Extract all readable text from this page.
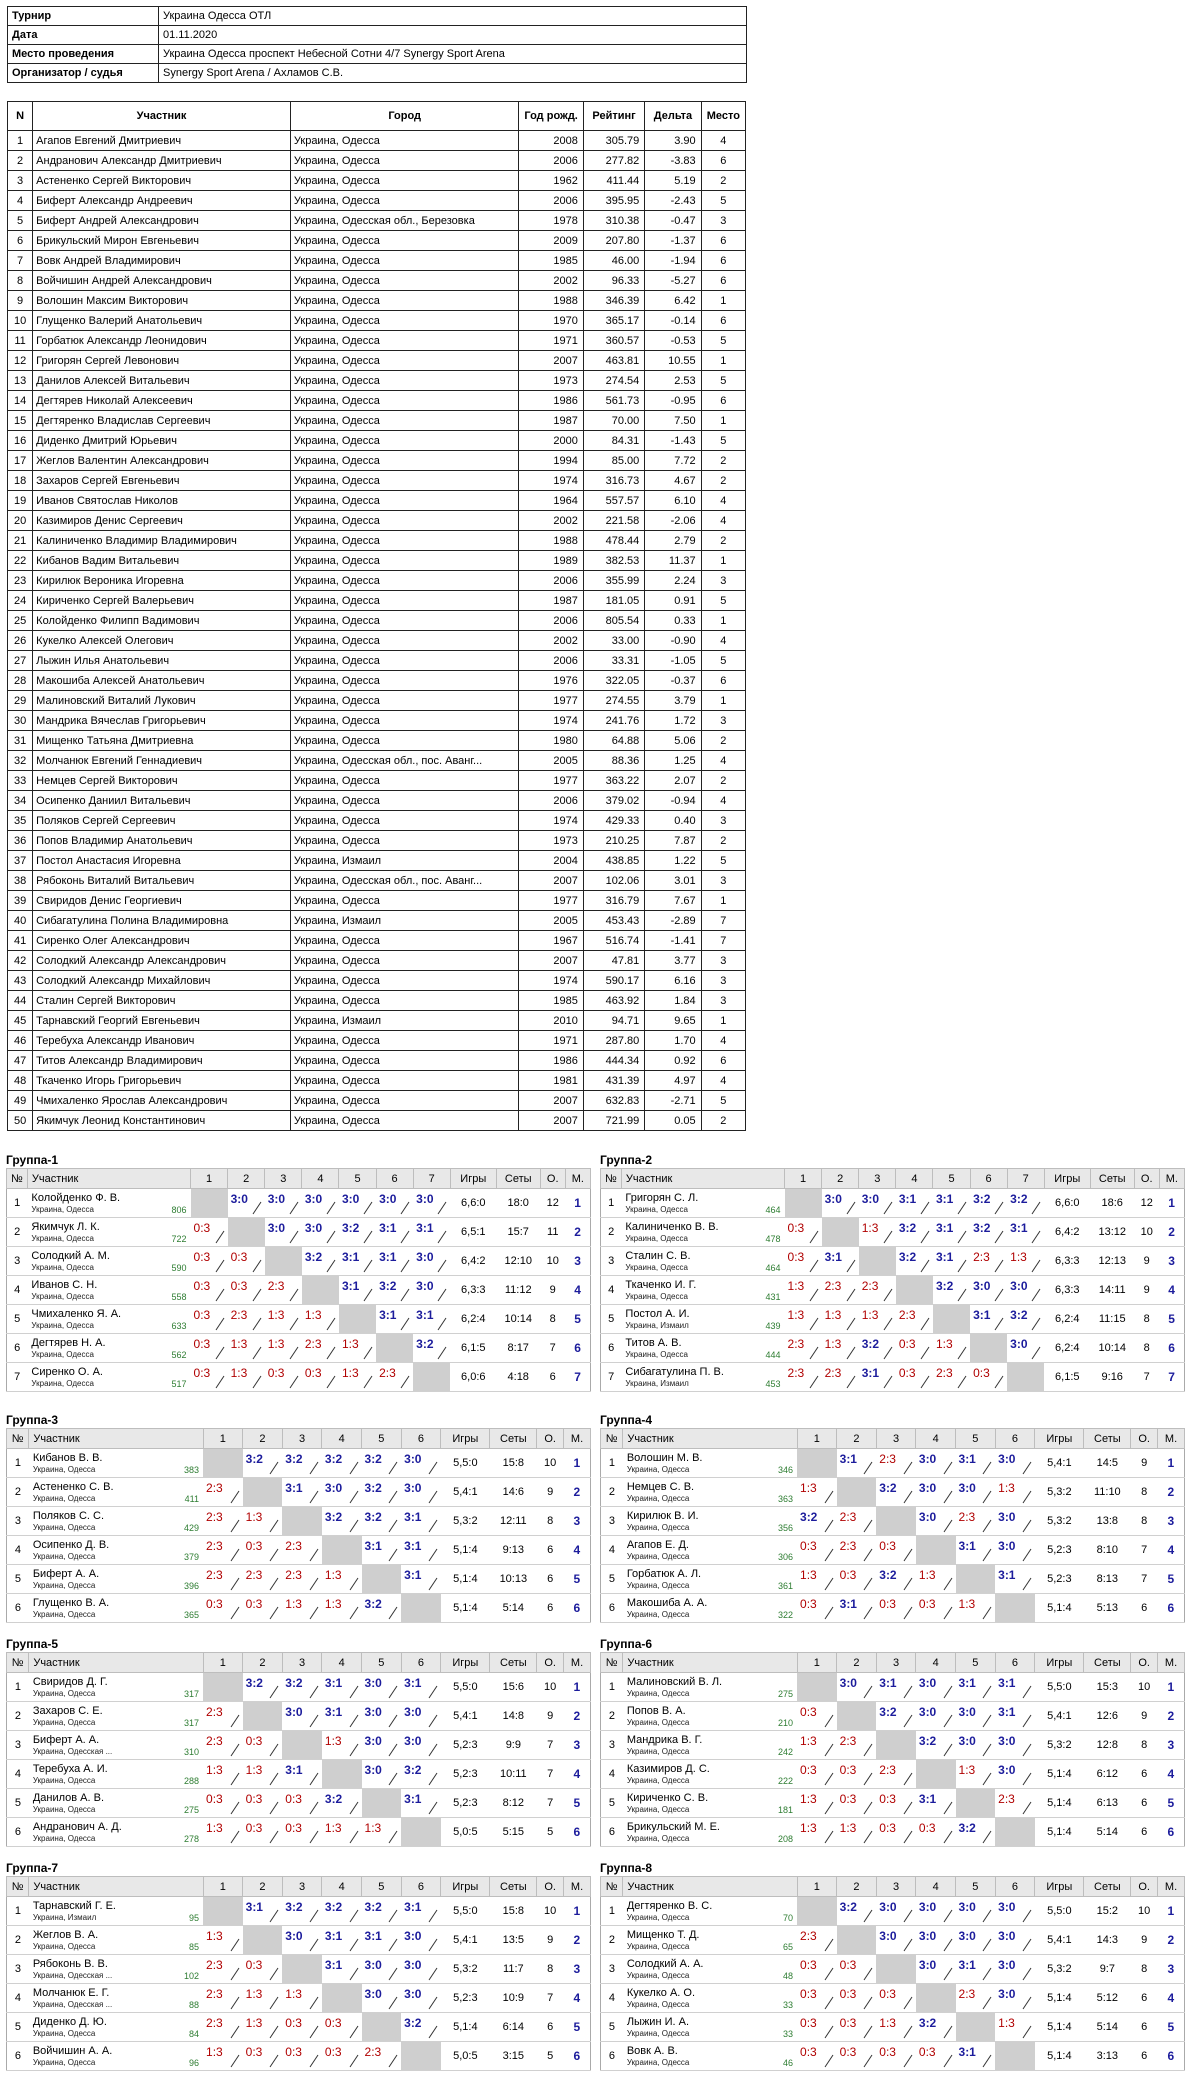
Турнир	Украина Одесса ОТЛ
Дата	01.11.2020
Место проведения	Украина Одесса проспект Небесной Сотни 4/7 Synergy Sport Arena
Организатор / судья	Synergy Sport Arena / Ахламов С.В.
N	Участник	Город	Год рожд.	Рейтинг	Дельта	Место
1	Агапов Евгений Дмитриевич	Украина, Одесса	2008	305.79	3.90	4
2	Андранович Александр Дмитриевич	Украина, Одесса	2006	277.82	-3.83	6
3	Астененко Сергей Викторович	Украина, Одесса	1962	411.44	5.19	2
4	Биферт Александр Андреевич	Украина, Одесса	2006	395.95	-2.43	5
5	Биферт Андрей Александрович	Украина, Одесская обл., Березовка	1978	310.38	-0.47	3
6	Брикульский Мирон Евгеньевич	Украина, Одесса	2009	207.80	-1.37	6
7	Вовк Андрей Владимирович	Украина, Одесса	1985	46.00	-1.94	6
8	Войчишин Андрей Александрович	Украина, Одесса	2002	96.33	-5.27	6
9	Волошин Максим Викторович	Украина, Одесса	1988	346.39	6.42	1
10	Глущенко Валерий Анатольевич	Украина, Одесса	1970	365.17	-0.14	6
11	Горбатюк Александр Леонидович	Украина, Одесса	1971	360.57	-0.53	5
12	Григорян Сергей Левонович	Украина, Одесса	2007	463.81	10.55	1
13	Данилов Алексей Витальевич	Украина, Одесса	1973	274.54	2.53	5
14	Дегтярев Николай Алексеевич	Украина, Одесса	1986	561.73	-0.95	6
15	Дегтяренко Владислав Сергеевич	Украина, Одесса	1987	70.00	7.50	1
16	Диденко Дмитрий Юрьевич	Украина, Одесса	2000	84.31	-1.43	5
17	Жеглов Валентин Александрович	Украина, Одесса	1994	85.00	7.72	2
18	Захаров Сергей Евгеньевич	Украина, Одесса	1974	316.73	4.67	2
19	Иванов Святослав Николов	Украина, Одесса	1964	557.57	6.10	4
20	Казимиров Денис Сергеевич	Украина, Одесса	2002	221.58	-2.06	4
21	Калиниченко Владимир Владимирович	Украина, Одесса	1988	478.44	2.79	2
22	Кибанов Вадим Витальевич	Украина, Одесса	1989	382.53	11.37	1
23	Кирилюк Вероника Игоревна	Украина, Одесса	2006	355.99	2.24	3
24	Кириченко Сергей Валерьевич	Украина, Одесса	1987	181.05	0.91	5
25	Колойденко Филипп Вадимович	Украина, Одесса	2006	805.54	0.33	1
26	Кукелко Алексей Олегович	Украина, Одесса	2002	33.00	-0.90	4
27	Лыжин Илья Анатольевич	Украина, Одесса	2006	33.31	-1.05	5
28	Макошиба Алексей Анатольевич	Украина, Одесса	1976	322.05	-0.37	6
29	Малиновский Виталий Лукович	Украина, Одесса	1977	274.55	3.79	1
30	Мандрика Вячеслав Григорьевич	Украина, Одесса	1974	241.76	1.72	3
31	Мищенко Татьяна Дмитриевна	Украина, Одесса	1980	64.88	5.06	2
32	Молчанюк Евгений Геннадиевич	Украина, Одесская обл., пос. Аванг...	2005	88.36	1.25	4
33	Немцев Сергей Викторович	Украина, Одесса	1977	363.22	2.07	2
34	Осипенко Даниил Витальевич	Украина, Одесса	2006	379.02	-0.94	4
35	Поляков Сергей Сергеевич	Украина, Одесса	1974	429.33	0.40	3
36	Попов Владимир Анатольевич	Украина, Одесса	1973	210.25	7.87	2
37	Постол Анастасия Игоревна	Украина, Измаил	2004	438.85	1.22	5
38	Рябоконь Виталий Витальевич	Украина, Одесская обл., пос. Аванг...	2007	102.06	3.01	3
39	Свиридов Денис Георгиевич	Украина, Одесса	1977	316.79	7.67	1
40	Сибагатулина Полина Владимировна	Украина, Измаил	2005	453.43	-2.89	7
41	Сиренко Олег Александрович	Украина, Одесса	1967	516.74	-1.41	7
42	Солодкий Александр Александрович	Украина, Одесса	2007	47.81	3.77	3
43	Солодкий Александр Михайлович	Украина, Одесса	1974	590.17	6.16	3
44	Сталин Сергей Викторович	Украина, Одесса	1985	463.92	1.84	3
45	Тарнавский Георгий Евгеньевич	Украина, Измаил	2010	94.71	9.65	1
46	Теребуха Александр Иванович	Украина, Одесса	1971	287.80	1.70	4
47	Титов Александр Владимирович	Украина, Одесса	1986	444.34	0.92	6
48	Ткаченко Игорь Григорьевич	Украина, Одесса	1981	431.39	4.97	4
49	Чмихаленко Ярослав Александрович	Украина, Одесса	2007	632.83	-2.71	5
50	Якимчук Леонид Константинович	Украина, Одесса	2007	721.99	0.05	2
Группа-1
№	Участник	1	2	3	4	5	6	7	Игры	Сеты	О.	М.
1	Колойденко Ф. В.
Украина, Одесса 806		3:0	3:0	3:0	3:0	3:0	3:0	6,6:0	18:0	12	1
2	Якимчук Л. К.
Украина, Одесса 722	0:3		3:0	3:0	3:2	3:1	3:1	6,5:1	15:7	11	2
3	Солодкий А. М.
Украина, Одесса 590	0:3	0:3		3:2	3:1	3:1	3:0	6,4:2	12:10	10	3
4	Иванов С. Н.
Украина, Одесса 558	0:3	0:3	2:3		3:1	3:2	3:0	6,3:3	11:12	9	4
5	Чмихаленко Я. А.
Украина, Одесса 633	0:3	2:3	1:3	1:3		3:1	3:1	6,2:4	10:14	8	5
6	Дегтярев Н. А.
Украина, Одесса 562	0:3	1:3	1:3	2:3	1:3		3:2	6,1:5	8:17	7	6
7	Сиренко О. А.
Украина, Одесса 517	0:3	1:3	0:3	0:3	1:3	2:3		6,0:6	4:18	6	7
Группа-2
№	Участник	1	2	3	4	5	6	7	Игры	Сеты	О.	М.
1	Григорян С. Л.
Украина, Одесса 464		3:0	3:0	3:1	3:1	3:2	3:2	6,6:0	18:6	12	1
2	Калиниченко В. В.
Украина, Одесса 478	0:3		1:3	3:2	3:1	3:2	3:1	6,4:2	13:12	10	2
3	Сталин С. В.
Украина, Одесса 464	0:3	3:1		3:2	3:1	2:3	1:3	6,3:3	12:13	9	3
4	Ткаченко И. Г.
Украина, Одесса 431	1:3	2:3	2:3		3:2	3:0	3:0	6,3:3	14:11	9	4
5	Постол А. И.
Украина, Измаил 439	1:3	1:3	1:3	2:3		3:1	3:2	6,2:4	11:15	8	5
6	Титов А. В.
Украина, Одесса 444	2:3	1:3	3:2	0:3	1:3		3:0	6,2:4	10:14	8	6
7	Сибагатулина П. В.
Украина, Измаил 453	2:3	2:3	3:1	0:3	2:3	0:3		6,1:5	9:16	7	7
Группа-3
№	Участник	1	2	3	4	5	6	Игры	Сеты	О.	М.
1	Кибанов В. В.
Украина, Одесса 383		3:2	3:2	3:2	3:2	3:0	5,5:0	15:8	10	1
2	Астененко С. В.
Украина, Одесса 411	2:3		3:1	3:0	3:2	3:0	5,4:1	14:6	9	2
3	Поляков С. С.
Украина, Одесса 429	2:3	1:3		3:2	3:2	3:1	5,3:2	12:11	8	3
4	Осипенко Д. В.
Украина, Одесса 379	2:3	0:3	2:3		3:1	3:1	5,1:4	9:13	6	4
5	Биферт А. А.
Украина, Одесса 396	2:3	2:3	2:3	1:3		3:1	5,1:4	10:13	6	5
6	Глущенко В. А.
Украина, Одесса 365	0:3	0:3	1:3	1:3	3:2		5,1:4	5:14	6	6
Группа-4
№	Участник	1	2	3	4	5	6	Игры	Сеты	О.	М.
1	Волошин М. В.
Украина, Одесса 346		3:1	2:3	3:0	3:1	3:0	5,4:1	14:5	9	1
2	Немцев С. В.
Украина, Одесса 363	1:3		3:2	3:0	3:0	1:3	5,3:2	11:10	8	2
3	Кирилюк В. И.
Украина, Одесса 356	3:2	2:3		3:0	2:3	3:0	5,3:2	13:8	8	3
4	Агапов Е. Д.
Украина, Одесса 306	0:3	2:3	0:3		3:1	3:0	5,2:3	8:10	7	4
5	Горбатюк А. Л.
Украина, Одесса 361	1:3	0:3	3:2	1:3		3:1	5,2:3	8:13	7	5
6	Макошиба А. А.
Украина, Одесса 322	0:3	3:1	0:3	0:3	1:3		5,1:4	5:13	6	6
Группа-5
№	Участник	1	2	3	4	5	6	Игры	Сеты	О.	М.
1	Свиридов Д. Г.
Украина, Одесса 317		3:2	3:2	3:1	3:0	3:1	5,5:0	15:6	10	1
2	Захаров С. Е.
Украина, Одесса 317	2:3		3:0	3:1	3:0	3:0	5,4:1	14:8	9	2
3	Биферт А. А.
Украина, Одесская ... 310	2:3	0:3		1:3	3:0	3:0	5,2:3	9:9	7	3
4	Теребуха А. И.
Украина, Одесса 288	1:3	1:3	3:1		3:0	3:2	5,2:3	10:11	7	4
5	Данилов А. В.
Украина, Одесса 275	0:3	0:3	0:3	3:2		3:1	5,2:3	8:12	7	5
6	Андранович А. Д.
Украина, Одесса 278	1:3	0:3	0:3	1:3	1:3		5,0:5	5:15	5	6
Группа-6
№	Участник	1	2	3	4	5	6	Игры	Сеты	О.	М.
1	Малиновский В. Л.
Украина, Одесса 275		3:0	3:1	3:0	3:1	3:1	5,5:0	15:3	10	1
2	Попов В. А.
Украина, Одесса 210	0:3		3:2	3:0	3:0	3:1	5,4:1	12:6	9	2
3	Мандрика В. Г.
Украина, Одесса 242	1:3	2:3		3:2	3:0	3:0	5,3:2	12:8	8	3
4	Казимиров Д. С.
Украина, Одесса 222	0:3	0:3	2:3		1:3	3:0	5,1:4	6:12	6	4
5	Кириченко С. В.
Украина, Одесса 181	1:3	0:3	0:3	3:1		2:3	5,1:4	6:13	6	5
6	Брикульский М. Е.
Украина, Одесса 208	1:3	1:3	0:3	0:3	3:2		5,1:4	5:14	6	6
Группа-7
№	Участник	1	2	3	4	5	6	Игры	Сеты	О.	М.
1	Тарнавский Г. Е.
Украина, Измаил 95		3:1	3:2	3:2	3:2	3:1	5,5:0	15:8	10	1
2	Жеглов В. А.
Украина, Одесса 85	1:3		3:0	3:1	3:1	3:0	5,4:1	13:5	9	2
3	Рябоконь В. В.
Украина, Одесская ... 102	2:3	0:3		3:1	3:0	3:0	5,3:2	11:7	8	3
4	Молчанюк Е. Г.
Украина, Одесская ... 88	2:3	1:3	1:3		3:0	3:0	5,2:3	10:9	7	4
5	Диденко Д. Ю.
Украина, Одесса 84	2:3	1:3	0:3	0:3		3:2	5,1:4	6:14	6	5
6	Войчишин А. А.
Украина, Одесса 96	1:3	0:3	0:3	0:3	2:3		5,0:5	3:15	5	6
Группа-8
№	Участник	1	2	3	4	5	6	Игры	Сеты	О.	М.
1	Дегтяренко В. С.
Украина, Одесса 70		3:2	3:0	3:0	3:0	3:0	5,5:0	15:2	10	1
2	Мищенко Т. Д.
Украина, Одесса 65	2:3		3:0	3:0	3:0	3:0	5,4:1	14:3	9	2
3	Солодкий А. А.
Украина, Одесса 48	0:3	0:3		3:0	3:1	3:0	5,3:2	9:7	8	3
4	Кукелко А. О.
Украина, Одесса 33	0:3	0:3	0:3		2:3	3:0	5,1:4	5:12	6	4
5	Лыжин И. А.
Украина, Одесса 33	0:3	0:3	1:3	3:2		1:3	5,1:4	5:14	6	5
6	Вовк А. В.
Украина, Одесса 46	0:3	0:3	0:3	0:3	3:1		5,1:4	3:13	6	6
